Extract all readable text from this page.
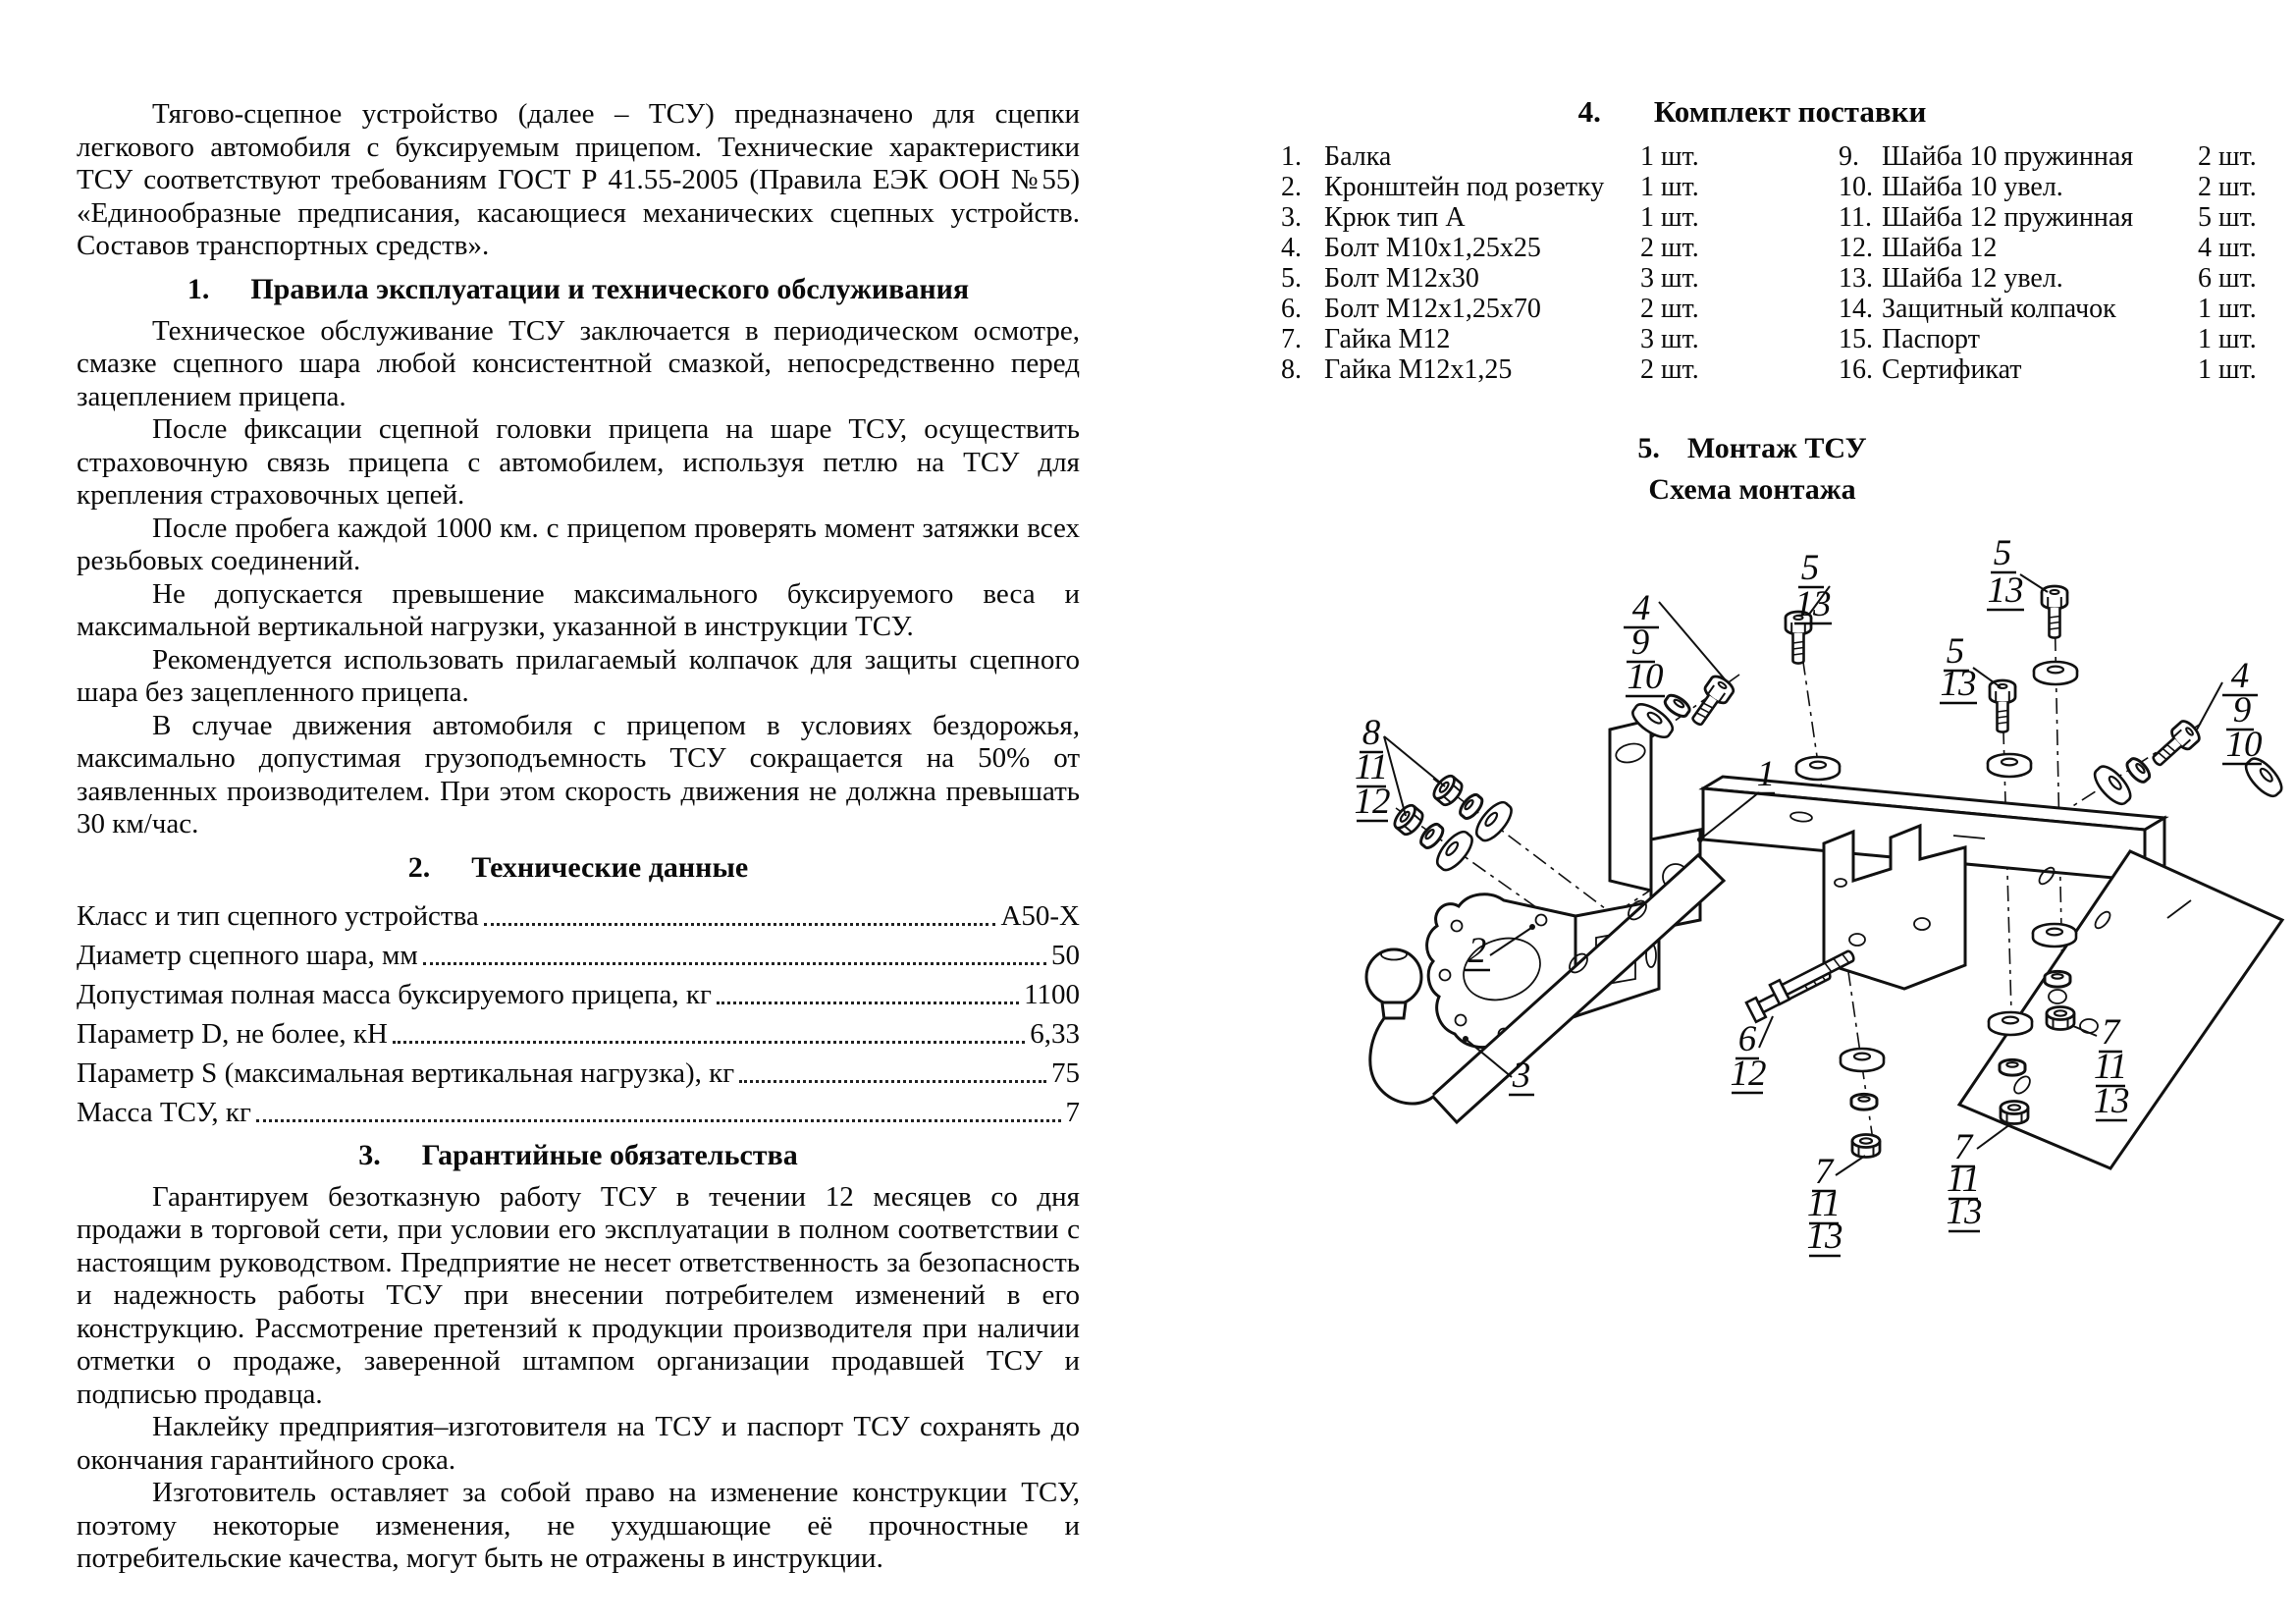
Тягово-сцепное устройство (далее – ТСУ) предназначено для сцепки легкового автомобиля с буксируемым прицепом. Технические характеристики ТСУ соответствуют требованиям ГОСТ Р 41.55-2005 (Правила ЕЭК ООН №55) «Единообразные предписания, касающиеся механических сцепных устройств. Составов транспортных средств».

1. Правила эксплуатации и технического обслуживания

Техническое обслуживание ТСУ заключается в периодическом осмотре, смазке сцепного шара любой консистентной смазкой, непосредственно перед зацеплением прицепа.

После фиксации сцепной головки прицепа на шаре ТСУ, осуществить страховочную связь прицепа с автомобилем, используя петлю на ТСУ для крепления страховочных цепей.

После пробега каждой 1000 км. с прицепом проверять момент затяжки всех резьбовых соединений.

Не допускается превышение максимального буксируемого веса и максимальной вертикальной нагрузки, указанной в инструкции ТСУ.

Рекомендуется использовать прилагаемый колпачок для защиты сцепного шара без зацепленного прицепа.

В случае движения автомобиля с прицепом в условиях бездорожья, максимально допустимая грузоподъемность ТСУ сокращается на 50% от заявленных производителем. При этом скорость движения не должна превышать 30 км/час.

2. Технические данные
Класс и тип сцепного устройства	А50-Х
Диаметр сцепного шара, мм	50
Допустимая полная масса буксируемого прицепа, кг	1100
Параметр D, не более, кН	6,33
Параметр S (максимальная вертикальная нагрузка), кг	75
Масса ТСУ, кг	7
3. Гарантийные обязательства

Гарантируем безотказную работу ТСУ в течении 12 месяцев со дня продажи в торговой сети, при условии его эксплуатации в полном соответствии с настоящим руководством. Предприятие не несет ответственность за безопасность и надежность работы ТСУ при внесении потребителем изменений в его конструкцию. Рассмотрение претензий к продукции производителя при наличии отметки о продаже, заверенной штампом организации продавшей ТСУ и подписью продавца.

Наклейку предприятия–изготовителя на ТСУ и паспорт ТСУ сохранять до окончания гарантийного срока.

Изготовитель оставляет за собой право на изменение конструкции ТСУ, поэтому некоторые изменения, не ухудшающие её прочностные и потребительские качества, могут быть не отражены в инструкции.

4. Комплект поставки
1. Балка	1 шт.
2. Кронштейн под розетку	1 шт.
3. Крюк тип А	1 шт.
4. Болт М10х1,25х25	2 шт.
5. Болт М12х30	3 шт.
6. Болт М12х1,25х70	2 шт.
7. Гайка М12	3 шт.
8. Гайка М12х1,25	2 шт.
9. Шайба 10 пружинная	2 шт.
10. Шайба 10 увел.	2 шт.
11. Шайба 12 пружинная	5 шт.
12. Шайба 12	4 шт.
13. Шайба 12 увел.	6 шт.
14. Защитный колпачок	1 шт.
15. Паспорт	1 шт.
16. Сертификат	1 шт.
5. Монтаж ТСУ
Схема монтажа
4
9
10
5
13
5
13
5
13
4
9
10
8
11
12
1
2
3
6
12
7
11
13
7
11
13
7
11
13
